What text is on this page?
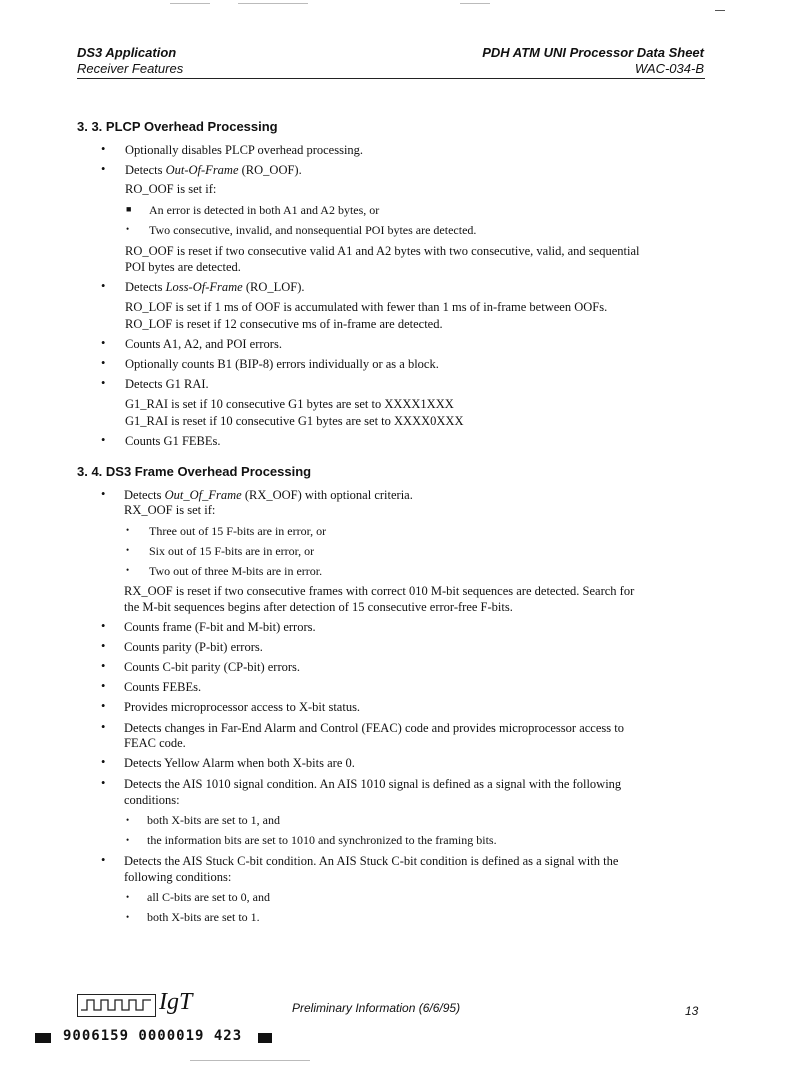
DS3 Application
Receiver Features
PDH ATM UNI Processor Data Sheet
WAC-034-B
3. 3. PLCP Overhead Processing
• Optionally disables PLCP overhead processing.
• Detects Out-Of-Frame (RO_OOF).
RO_OOF is set if:
■ An error is detected in both A1 and A2 bytes, or
• Two consecutive, invalid, and nonsequential POI bytes are detected.
RO_OOF is reset if two consecutive valid A1 and A2 bytes with two consecutive, valid, and sequential
POI bytes are detected.
• Detects Loss-Of-Frame (RO_LOF).
RO_LOF is set if 1 ms of OOF is accumulated with fewer than 1 ms of in-frame between OOFs.
RO_LOF is reset if 12 consecutive ms of in-frame are detected.
• Counts A1, A2, and POI errors.
• Optionally counts B1 (BIP-8) errors individually or as a block.
• Detects G1 RAI.
G1_RAI is set if 10 consecutive G1 bytes are set to XXXX1XXX
G1_RAI is reset if 10 consecutive G1 bytes are set to XXXX0XXX
• Counts G1 FEBEs.
3. 4. DS3 Frame Overhead Processing
• Detects Out_Of_Frame (RX_OOF) with optional criteria.
RX_OOF is set if:
• Three out of 15 F-bits are in error, or
• Six out of 15 F-bits are in error, or
• Two out of three M-bits are in error.
RX_OOF is reset if two consecutive frames with correct 010 M-bit sequences are detected. Search for
the M-bit sequences begins after detection of 15 consecutive error-free F-bits.
• Counts frame (F-bit and M-bit) errors.
• Counts parity (P-bit) errors.
• Counts C-bit parity (CP-bit) errors.
• Counts FEBEs.
• Provides microprocessor access to X-bit status.
• Detects changes in Far-End Alarm and Control (FEAC) code and provides microprocessor access to
FEAC code.
• Detects Yellow Alarm when both X-bits are 0.
• Detects the AIS 1010 signal condition. An AIS 1010 signal is defined as a signal with the following
conditions:
• both X-bits are set to 1, and
• the information bits are set to 1010 and synchronized to the framing bits.
• Detects the AIS Stuck C-bit condition. An AIS Stuck C-bit condition is defined as a signal with the
following conditions:
• all C-bits are set to 0, and
• both X-bits are set to 1.
IgT	Preliminary Information (6/6/95)	13
9006159 0000019 423
